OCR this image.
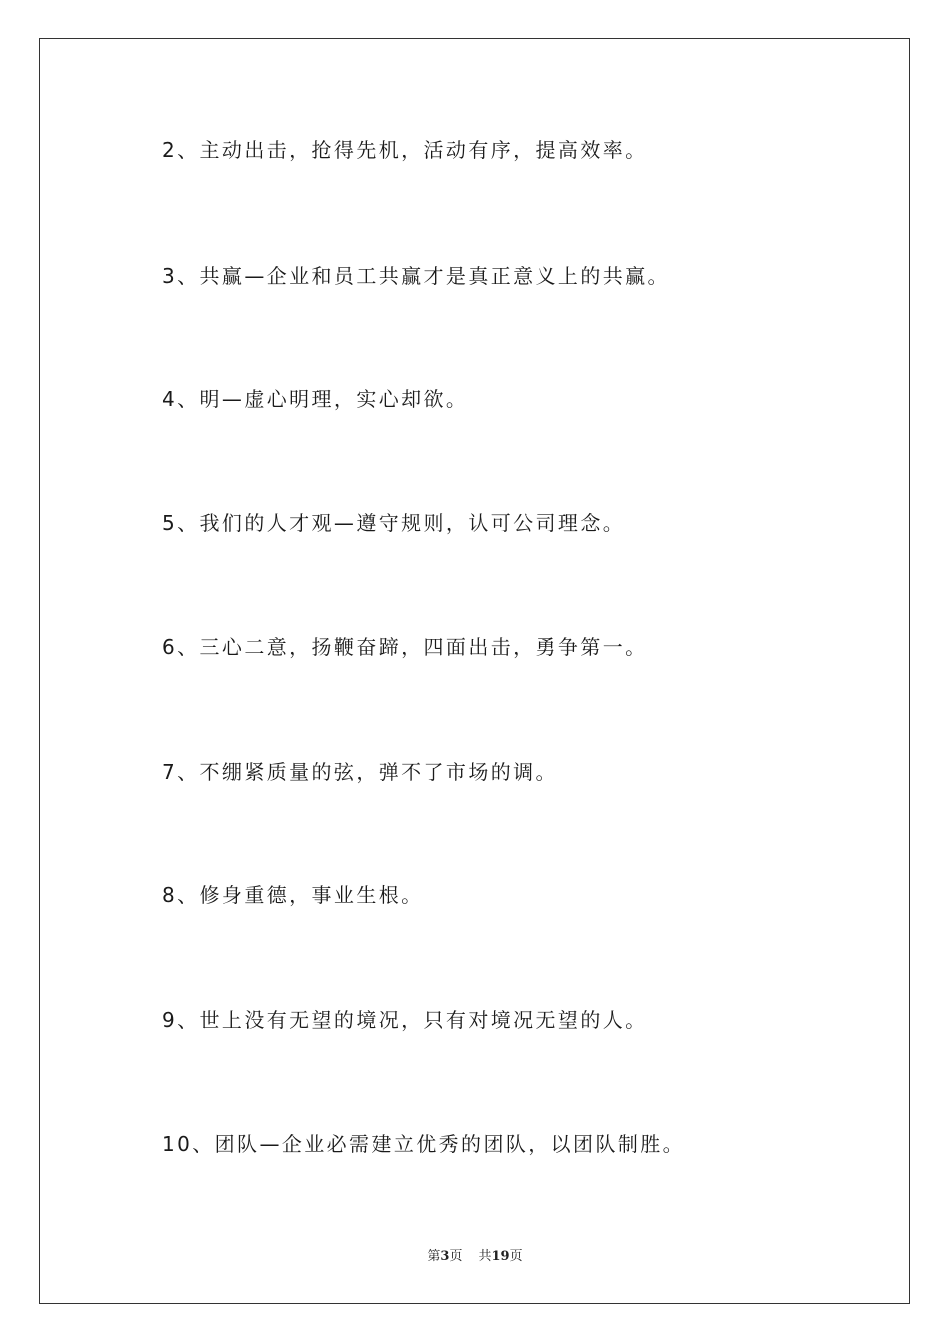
2、主动出击，抢得先机，活动有序，提高效率。
3、共赢—企业和员工共赢才是真正意义上的共赢。
4、明—虚心明理，实心却欲。
5、我们的人才观—遵守规则，认可公司理念。
6、三心二意，扬鞭奋蹄，四面出击，勇争第一。
7、不绷紧质量的弦，弹不了市场的调。
8、修身重德，事业生根。
9、世上没有无望的境况，只有对境况无望的人。
10、团队—企业必需建立优秀的团队，以团队制胜。
第3页 共19页
